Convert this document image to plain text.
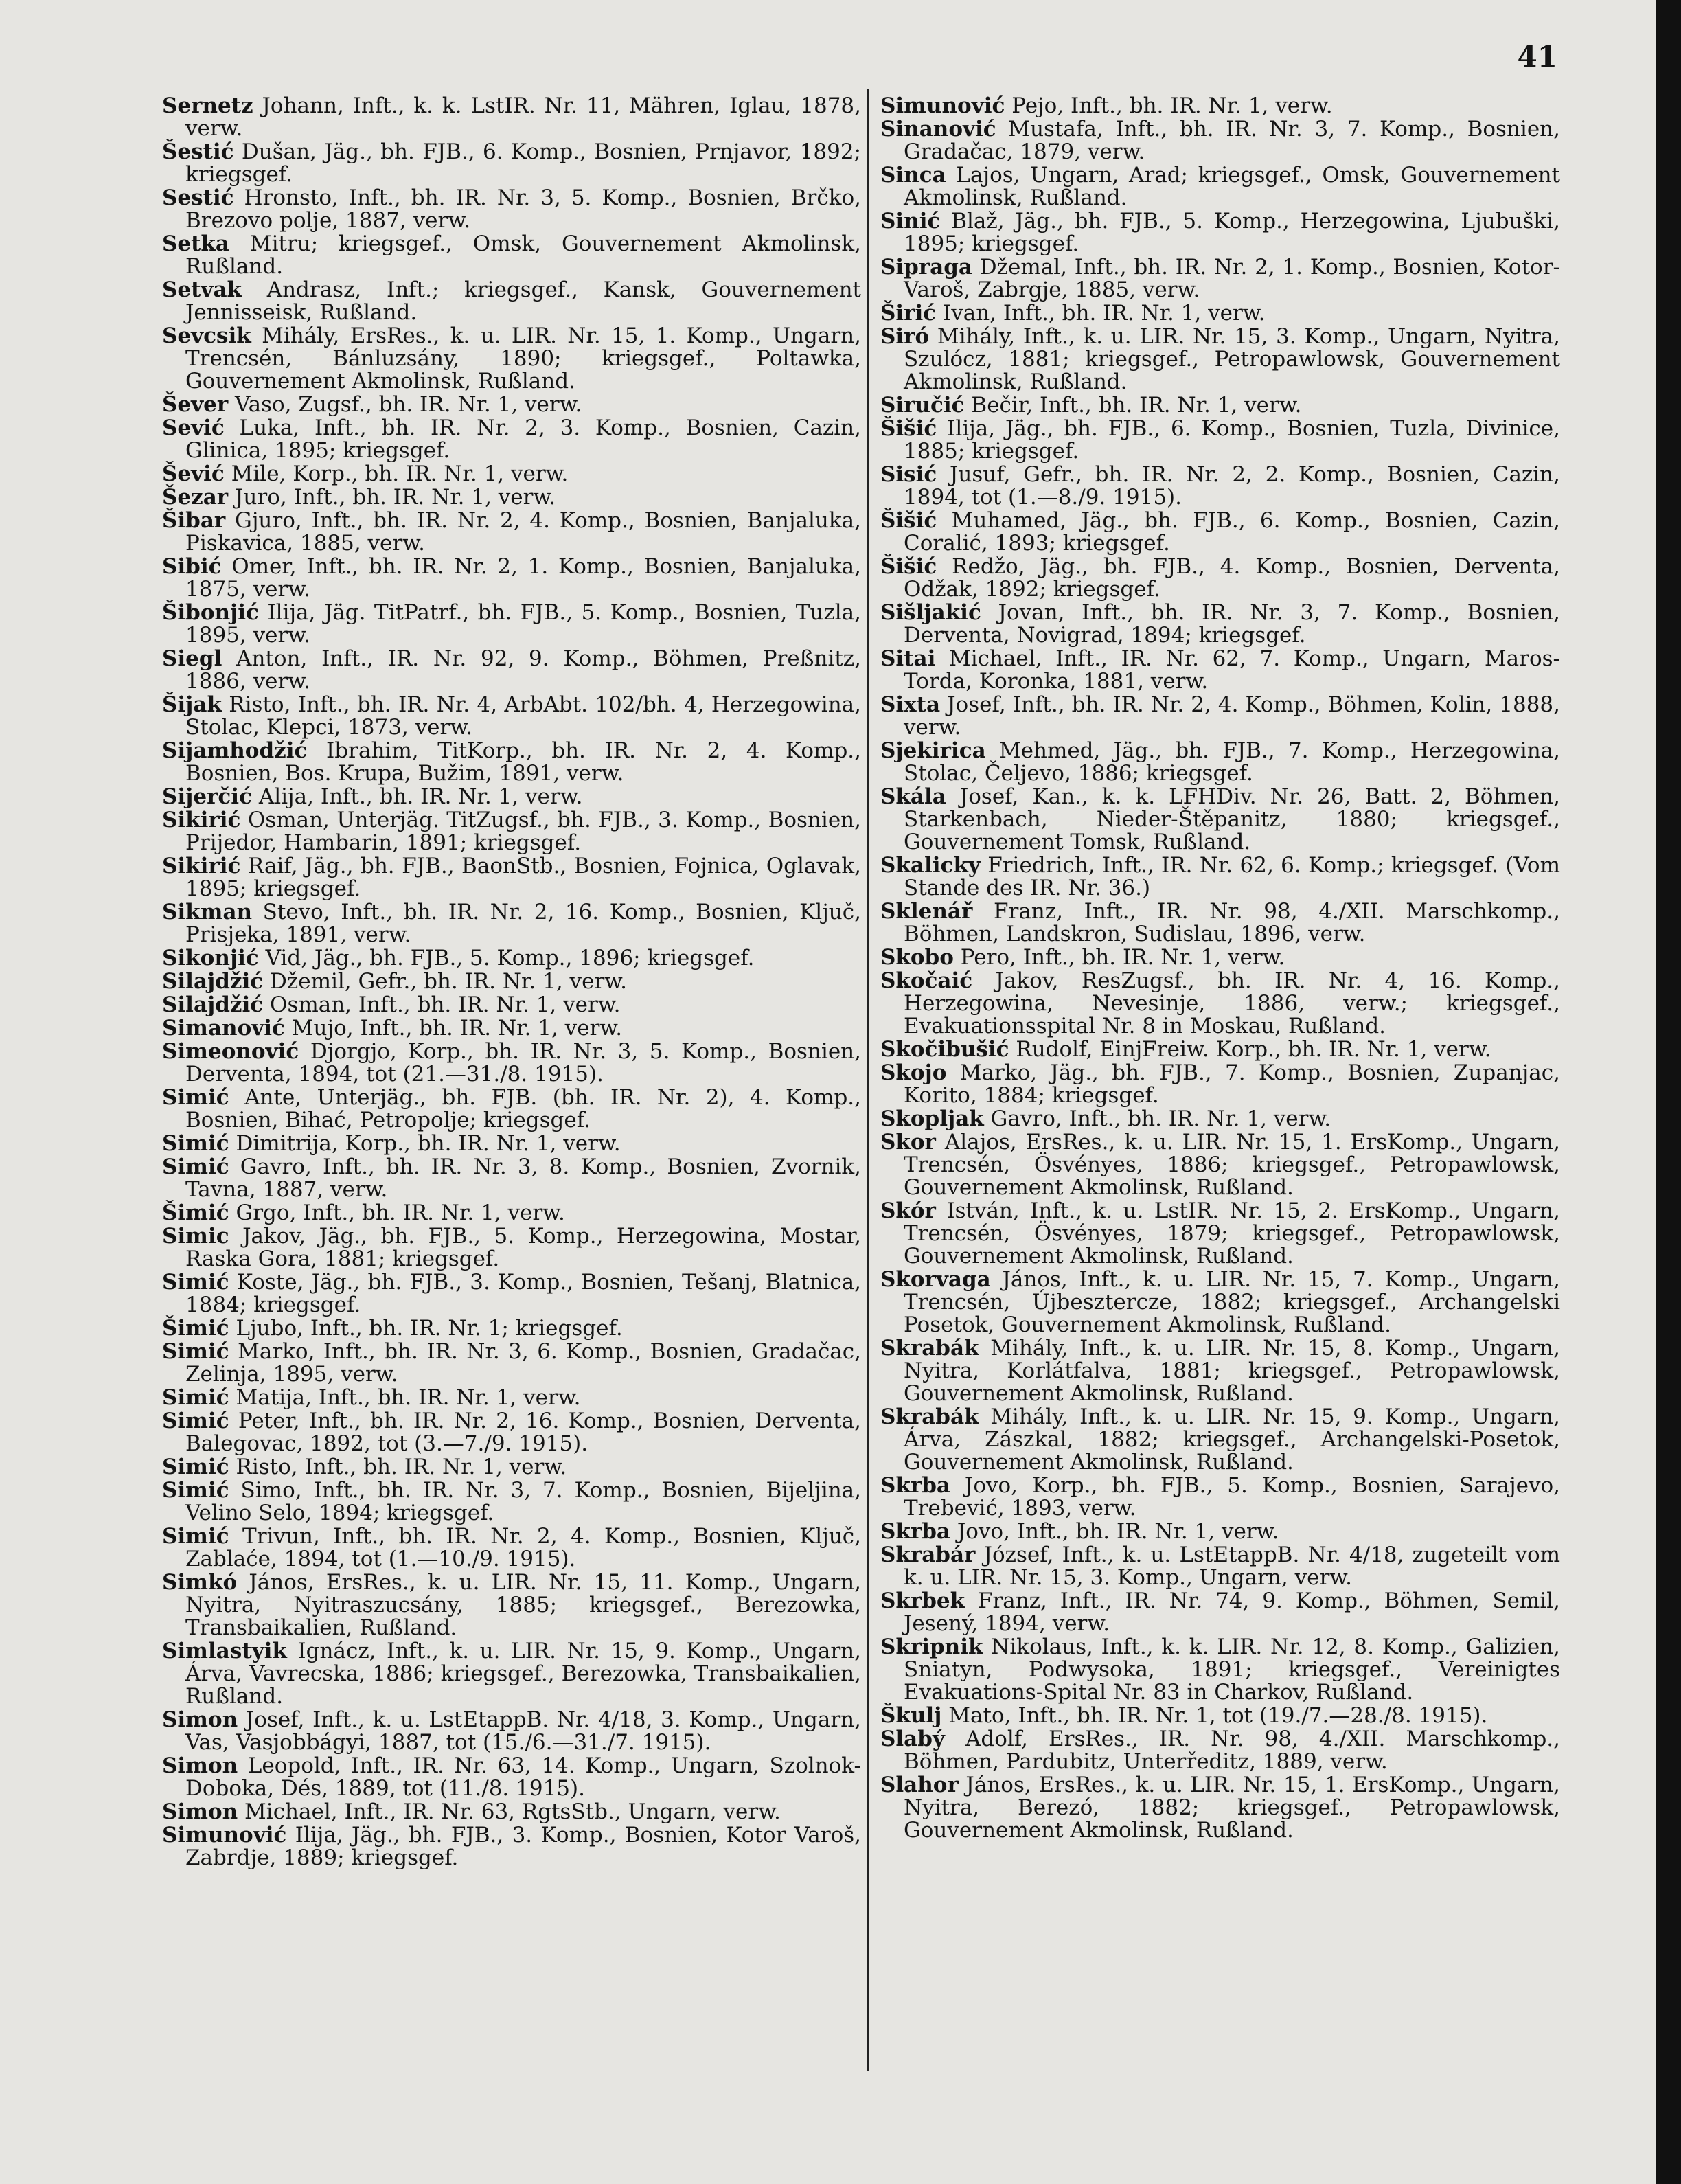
41

Sernetz Johann, Inft., k. k. LstIR. Nr. 11, Mähren, Iglau, 1878, verw.

Šestić Dušan, Jäg., bh. FJB., 6. Komp., Bosnien, Prnjavor, 1892; kriegsgef.

Sestić Hronsto, Inft., bh. IR. Nr. 3, 5. Komp., Bosnien, Brčko, Brezovo polje, 1887, verw.

Setka Mitru; kriegsgef., Omsk, Gouvernement Akmolinsk, Rußland.

Setvak Andrasz, Inft.; kriegsgef., Kansk, Gouvernement Jennisseisk, Rußland.

Sevcsik Mihály, ErsRes., k. u. LIR. Nr. 15, 1. Komp., Ungarn, Trencsén, Bánluzsány, 1890; kriegsgef., Poltawka, Gouvernement Akmolinsk, Rußland.

Šever Vaso, Zugsf., bh. IR. Nr. 1, verw.

Sević Luka, Inft., bh. IR. Nr. 2, 3. Komp., Bosnien, Cazin, Glinica, 1895; kriegsgef.

Šević Mile, Korp., bh. IR. Nr. 1, verw.

Šezar Juro, Inft., bh. IR. Nr. 1, verw.

Šibar Gjuro, Inft., bh. IR. Nr. 2, 4. Komp., Bosnien, Banjaluka, Piskavica, 1885, verw.

Sibić Omer, Inft., bh. IR. Nr. 2, 1. Komp., Bosnien, Banjaluka, 1875, verw.

Šibonjić Ilija, Jäg. TitPatrf., bh. FJB., 5. Komp., Bosnien, Tuzla, 1895, verw.

Siegl Anton, Inft., IR. Nr. 92, 9. Komp., Böhmen, Preßnitz, 1886, verw.

Šijak Risto, Inft., bh. IR. Nr. 4, ArbAbt. 102/bh. 4, Herzegowina, Stolac, Klepci, 1873, verw.

Sijamhodžić Ibrahim, TitKorp., bh. IR. Nr. 2, 4. Komp., Bosnien, Bos. Krupa, Bužim, 1891, verw.

Sijerčić Alija, Inft., bh. IR. Nr. 1, verw.

Sikirić Osman, Unterjäg. TitZugsf., bh. FJB., 3. Komp., Bosnien, Prijedor, Hambarin, 1891; kriegsgef.

Sikirić Raif, Jäg., bh. FJB., BaonStb., Bosnien, Fojnica, Oglavak, 1895; kriegsgef.

Sikman Stevo, Inft., bh. IR. Nr. 2, 16. Komp., Bosnien, Ključ, Prisjeka, 1891, verw.

Sikonjić Vid, Jäg., bh. FJB., 5. Komp., 1896; kriegsgef.

Silajdžić Džemil, Gefr., bh. IR. Nr. 1, verw.

Silajdžić Osman, Inft., bh. IR. Nr. 1, verw.

Simanović Mujo, Inft., bh. IR. Nr. 1, verw.

Simeonović Djorgjo, Korp., bh. IR. Nr. 3, 5. Komp., Bosnien, Derventa, 1894, tot (21.—31./8. 1915).

Simić Ante, Unterjäg., bh. FJB. (bh. IR. Nr. 2), 4. Komp., Bosnien, Bihać, Petropolje; kriegsgef.

Simić Dimitrija, Korp., bh. IR. Nr. 1, verw.

Simić Gavro, Inft., bh. IR. Nr. 3, 8. Komp., Bosnien, Zvornik, Tavna, 1887, verw.

Šimić Grgo, Inft., bh. IR. Nr. 1, verw.

Simic Jakov, Jäg., bh. FJB., 5. Komp., Herzegowina, Mostar, Raska Gora, 1881; kriegsgef.

Simić Koste, Jäg., bh. FJB., 3. Komp., Bosnien, Tešanj, Blatnica, 1884; kriegsgef.

Šimić Ljubo, Inft., bh. IR. Nr. 1; kriegsgef.

Simić Marko, Inft., bh. IR. Nr. 3, 6. Komp., Bosnien, Gradačac, Zelinja, 1895, verw.

Simić Matija, Inft., bh. IR. Nr. 1, verw.

Simić Peter, Inft., bh. IR. Nr. 2, 16. Komp., Bosnien, Derventa, Balegovac, 1892, tot (3.—7./9. 1915).

Simić Risto, Inft., bh. IR. Nr. 1, verw.

Simić Simo, Inft., bh. IR. Nr. 3, 7. Komp., Bosnien, Bijeljina, Velino Selo, 1894; kriegsgef.

Simić Trivun, Inft., bh. IR. Nr. 2, 4. Komp., Bosnien, Ključ, Zablaće, 1894, tot (1.—10./9. 1915).

Simkó János, ErsRes., k. u. LIR. Nr. 15, 11. Komp., Ungarn, Nyitra, Nyitraszucsány, 1885; kriegsgef., Berezowka, Transbaikalien, Rußland.

Simlastyik Ignácz, Inft., k. u. LIR. Nr. 15, 9. Komp., Ungarn, Árva, Vavrecska, 1886; kriegsgef., Berezowka, Transbaikalien, Rußland.

Simon Josef, Inft., k. u. LstEtappB. Nr. 4/18, 3. Komp., Ungarn, Vas, Vasjobbágyi, 1887, tot (15./6.—31./7. 1915).

Simon Leopold, Inft., IR. Nr. 63, 14. Komp., Ungarn, Szolnok-Doboka, Dés, 1889, tot (11./8. 1915).

Simon Michael, Inft., IR. Nr. 63, RgtsStb., Ungarn, verw.

Simunović Ilija, Jäg., bh. FJB., 3. Komp., Bosnien, Kotor Varoš, Zabrdje, 1889; kriegsgef.

Simunović Pejo, Inft., bh. IR. Nr. 1, verw.

Sinanović Mustafa, Inft., bh. IR. Nr. 3, 7. Komp., Bosnien, Gradačac, 1879, verw.

Sinca Lajos, Ungarn, Arad; kriegsgef., Omsk, Gouvernement Akmolinsk, Rußland.

Sinić Blaž, Jäg., bh. FJB., 5. Komp., Herzegowina, Ljubuški, 1895; kriegsgef.

Sipraga Džemal, Inft., bh. IR. Nr. 2, 1. Komp., Bosnien, Kotor-Varoš, Zabrgje, 1885, verw.

Širić Ivan, Inft., bh. IR. Nr. 1, verw.

Siró Mihály, Inft., k. u. LIR. Nr. 15, 3. Komp., Ungarn, Nyitra, Szulócz, 1881; kriegsgef., Petropawlowsk, Gouvernement Akmolinsk, Rußland.

Siručić Bečir, Inft., bh. IR. Nr. 1, verw.

Šišić Ilija, Jäg., bh. FJB., 6. Komp., Bosnien, Tuzla, Divinice, 1885; kriegsgef.

Sisić Jusuf, Gefr., bh. IR. Nr. 2, 2. Komp., Bosnien, Cazin, 1894, tot (1.—8./9. 1915).

Šišić Muhamed, Jäg., bh. FJB., 6. Komp., Bosnien, Cazin, Coralić, 1893; kriegsgef.

Šišić Redžo, Jäg., bh. FJB., 4. Komp., Bosnien, Derventa, Odžak, 1892; kriegsgef.

Sišljakić Jovan, Inft., bh. IR. Nr. 3, 7. Komp., Bosnien, Derventa, Novigrad, 1894; kriegsgef.

Sitai Michael, Inft., IR. Nr. 62, 7. Komp., Ungarn, Maros-Torda, Koronka, 1881, verw.

Sixta Josef, Inft., bh. IR. Nr. 2, 4. Komp., Böhmen, Kolin, 1888, verw.

Sjekirica Mehmed, Jäg., bh. FJB., 7. Komp., Herzegowina, Stolac, Čeljevo, 1886; kriegsgef.

Skála Josef, Kan., k. k. LFHDiv. Nr. 26, Batt. 2, Böhmen, Starkenbach, Nieder-Štěpanitz, 1880; kriegsgef., Gouvernement Tomsk, Rußland.

Skalicky Friedrich, Inft., IR. Nr. 62, 6. Komp.; kriegsgef. (Vom Stande des IR. Nr. 36.)

Sklenář Franz, Inft., IR. Nr. 98, 4./XII. Marschkomp., Böhmen, Landskron, Sudislau, 1896, verw.

Skobo Pero, Inft., bh. IR. Nr. 1, verw.

Skočaić Jakov, ResZugsf., bh. IR. Nr. 4, 16. Komp., Herzegowina, Nevesinje, 1886, verw.; kriegsgef., Evakuationsspital Nr. 8 in Moskau, Rußland.

Skočibušić Rudolf, EinjFreiw. Korp., bh. IR. Nr. 1, verw.

Skojo Marko, Jäg., bh. FJB., 7. Komp., Bosnien, Zupanjac, Korito, 1884; kriegsgef.

Skopljak Gavro, Inft., bh. IR. Nr. 1, verw.

Skor Alajos, ErsRes., k. u. LIR. Nr. 15, 1. ErsKomp., Ungarn, Trencsén, Ösvényes, 1886; kriegsgef., Petropawlowsk, Gouvernement Akmolinsk, Rußland.

Skór István, Inft., k. u. LstIR. Nr. 15, 2. ErsKomp., Ungarn, Trencsén, Ösvényes, 1879; kriegsgef., Petropawlowsk, Gouvernement Akmolinsk, Rußland.

Skorvaga János, Inft., k. u. LIR. Nr. 15, 7. Komp., Ungarn, Trencsén, Újbesztercze, 1882; kriegsgef., Archangelski Posetok, Gouvernement Akmolinsk, Rußland.

Skrabák Mihály, Inft., k. u. LIR. Nr. 15, 8. Komp., Ungarn, Nyitra, Korlátfalva, 1881; kriegsgef., Petropawlowsk, Gouvernement Akmolinsk, Rußland.

Skrabák Mihály, Inft., k. u. LIR. Nr. 15, 9. Komp., Ungarn, Árva, Zászkal, 1882; kriegsgef., Archangelski-Posetok, Gouvernement Akmolinsk, Rußland.

Skrba Jovo, Korp., bh. FJB., 5. Komp., Bosnien, Sarajevo, Trebević, 1893, verw.

Skrba Jovo, Inft., bh. IR. Nr. 1, verw.

Skrabár József, Inft., k. u. LstEtappB. Nr. 4/18, zugeteilt vom k. u. LIR. Nr. 15, 3. Komp., Ungarn, verw.

Skrbek Franz, Inft., IR. Nr. 74, 9. Komp., Böhmen, Semil, Jesený, 1894, verw.

Skripnik Nikolaus, Inft., k. k. LIR. Nr. 12, 8. Komp., Galizien, Sniatyn, Podwysoka, 1891; kriegsgef., Vereinigtes Evakuations-Spital Nr. 83 in Charkov, Rußland.

Škulj Mato, Inft., bh. IR. Nr. 1, tot (19./7.—28./8. 1915).

Slabý Adolf, ErsRes., IR. Nr. 98, 4./XII. Marschkomp., Böhmen, Pardubitz, Unterředitz, 1889, verw.

Slahor János, ErsRes., k. u. LIR. Nr. 15, 1. ErsKomp., Ungarn, Nyitra, Berezó, 1882; kriegsgef., Petropawlowsk, Gouvernement Akmolinsk, Rußland.
